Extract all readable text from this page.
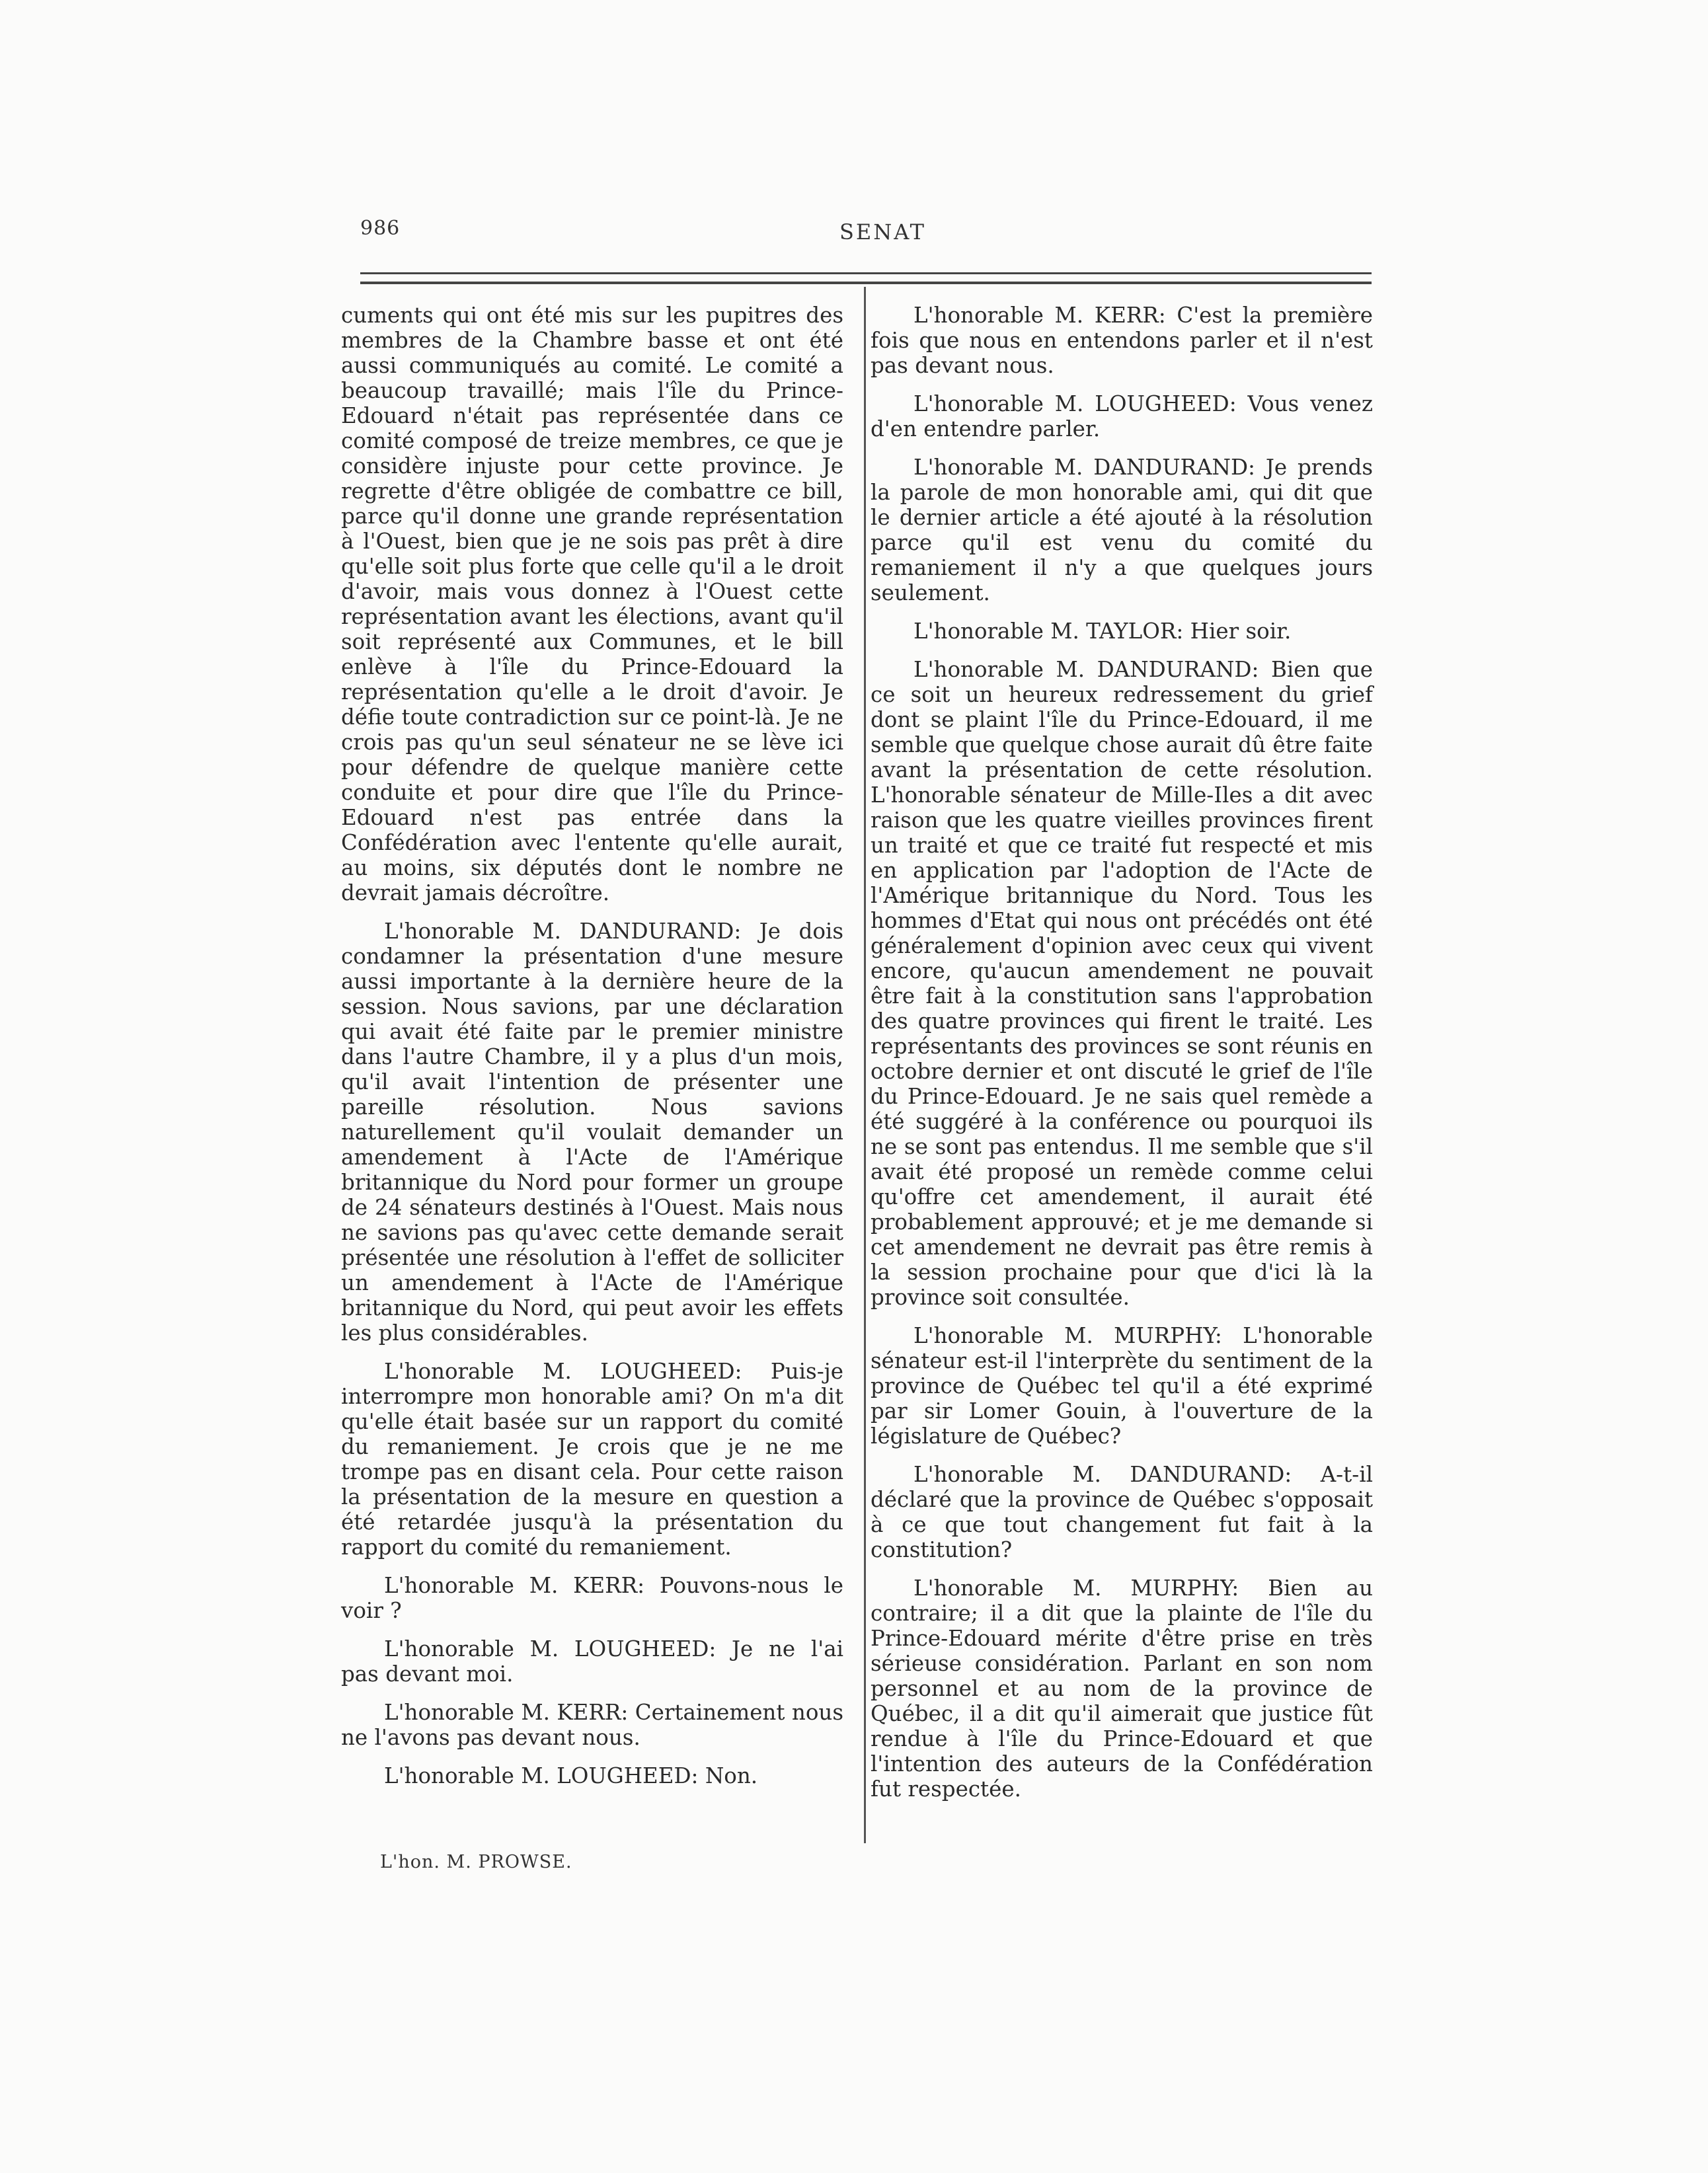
986	SENAT

cuments qui ont été mis sur les pupitres des membres de la Chambre basse et ont été aussi communiqués au comité. Le comité a beaucoup travaillé; mais l'île du Prince-Edouard n'était pas représentée dans ce comité composé de treize membres, ce que je considère injuste pour cette province. Je regrette d'être obligée de combattre ce bill, parce qu'il donne une grande représentation à l'Ouest, bien que je ne sois pas prêt à dire qu'elle soit plus forte que celle qu'il a le droit d'avoir, mais vous donnez à l'Ouest cette représentation avant les élections, avant qu'il soit représenté aux Communes, et le bill enlève à l'île du Prince-Edouard la représentation qu'elle a le droit d'avoir. Je défie toute contradiction sur ce point-là. Je ne crois pas qu'un seul sénateur ne se lève ici pour défendre de quelque manière cette conduite et pour dire que l'île du Prince-Edouard n'est pas entrée dans la Confédération avec l'entente qu'elle aurait, au moins, six députés dont le nombre ne devrait jamais décroître.

L'honorable M. DANDURAND: Je dois condamner la présentation d'une mesure aussi importante à la dernière heure de la session. Nous savions, par une déclaration qui avait été faite par le premier ministre dans l'autre Chambre, il y a plus d'un mois, qu'il avait l'intention de présenter une pareille résolution. Nous savions naturellement qu'il voulait demander un amendement à l'Acte de l'Amérique britannique du Nord pour former un groupe de 24 sénateurs destinés à l'Ouest. Mais nous ne savions pas qu'avec cette demande serait présentée une résolution à l'effet de solliciter un amendement à l'Acte de l'Amérique britannique du Nord, qui peut avoir les effets les plus considérables.

L'honorable M. LOUGHEED: Puis-je interrompre mon honorable ami? On m'a dit qu'elle était basée sur un rapport du comité du remaniement. Je crois que je ne me trompe pas en disant cela. Pour cette raison la présentation de la mesure en question a été retardée jusqu'à la présentation du rapport du comité du remaniement.

L'honorable M. KERR: Pouvons-nous le voir ?

L'honorable M. LOUGHEED: Je ne l'ai pas devant moi.

L'honorable M. KERR: Certainement nous ne l'avons pas devant nous.

L'honorable M. LOUGHEED: Non.

L'honorable M. KERR: C'est la première fois que nous en entendons parler et il n'est pas devant nous.

L'honorable M. LOUGHEED: Vous venez d'en entendre parler.

L'honorable M. DANDURAND: Je prends la parole de mon honorable ami, qui dit que le dernier article a été ajouté à la résolution parce qu'il est venu du comité du remaniement il n'y a que quelques jours seulement.

L'honorable M. TAYLOR: Hier soir.

L'honorable M. DANDURAND: Bien que ce soit un heureux redressement du grief dont se plaint l'île du Prince-Edouard, il me semble que quelque chose aurait dû être faite avant la présentation de cette résolution. L'honorable sénateur de Mille-Iles a dit avec raison que les quatre vieilles provinces firent un traité et que ce traité fut respecté et mis en application par l'adoption de l'Acte de l'Amérique britannique du Nord. Tous les hommes d'Etat qui nous ont précédés ont été généralement d'opinion avec ceux qui vivent encore, qu'aucun amendement ne pouvait être fait à la constitution sans l'approbation des quatre provinces qui firent le traité. Les représentants des provinces se sont réunis en octobre dernier et ont discuté le grief de l'île du Prince-Edouard. Je ne sais quel remède a été suggéré à la conférence ou pourquoi ils ne se sont pas entendus. Il me semble que s'il avait été proposé un remède comme celui qu'offre cet amendement, il aurait été probablement approuvé; et je me demande si cet amendement ne devrait pas être remis à la session prochaine pour que d'ici là la province soit consultée.

L'honorable M. MURPHY: L'honorable sénateur est-il l'interprète du sentiment de la province de Québec tel qu'il a été exprimé par sir Lomer Gouin, à l'ouverture de la législature de Québec?

L'honorable M. DANDURAND: A-t-il déclaré que la province de Québec s'opposait à ce que tout changement fut fait à la constitution?

L'honorable M. MURPHY: Bien au contraire; il a dit que la plainte de l'île du Prince-Edouard mérite d'être prise en très sérieuse considération. Parlant en son nom personnel et au nom de la province de Québec, il a dit qu'il aimerait que justice fût rendue à l'île du Prince-Edouard et que l'intention des auteurs de la Confédération fut respectée.

L'hon. M. PROWSE.
